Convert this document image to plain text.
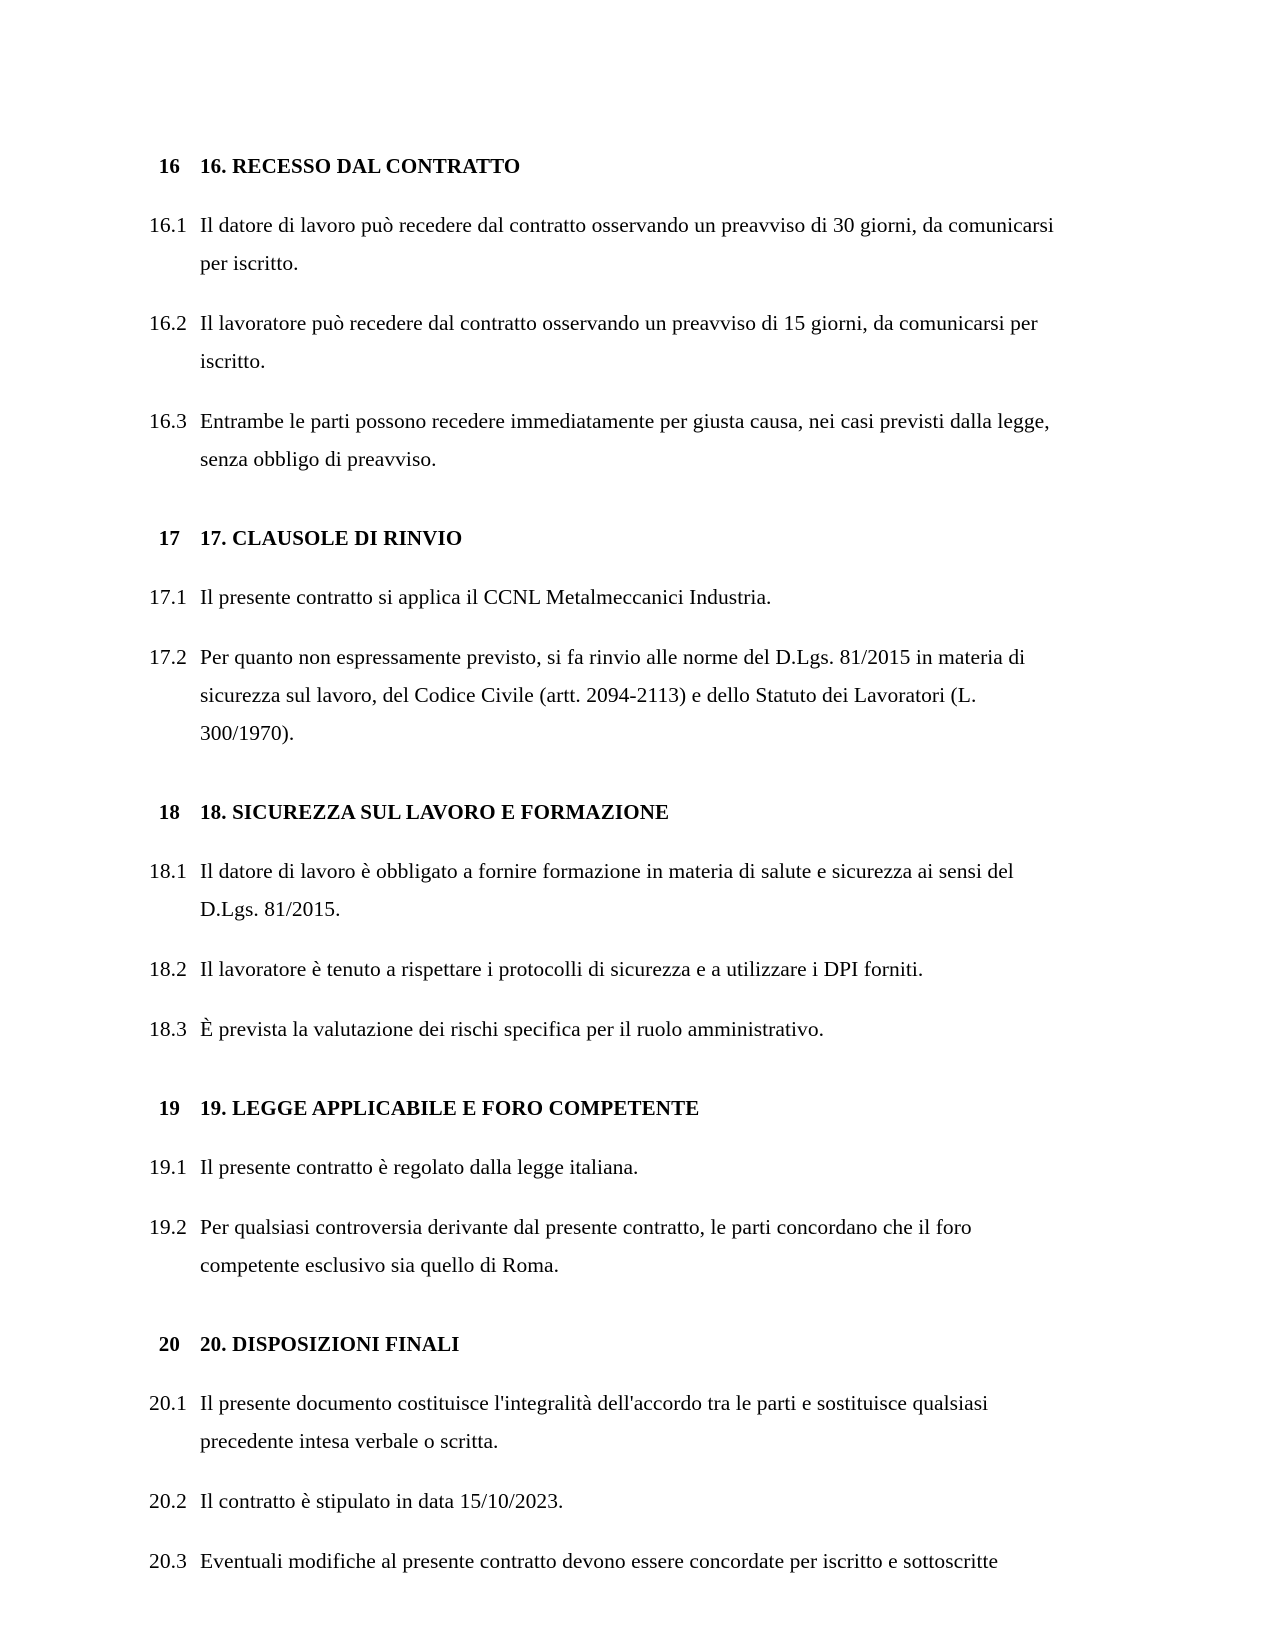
16 16. RECESSO DAL CONTRATTO
16.1 Il datore di lavoro può recedere dal contratto osservando un preavviso di 30 giorni, da comunicarsi per iscritto.
16.2 Il lavoratore può recedere dal contratto osservando un preavviso di 15 giorni, da comunicarsi per iscritto.
16.3 Entrambe le parti possono recedere immediatamente per giusta causa, nei casi previsti dalla legge, senza obbligo di preavviso.
17 17. CLAUSOLE DI RINVIO
17.1 Il presente contratto si applica il CCNL Metalmeccanici Industria.
17.2 Per quanto non espressamente previsto, si fa rinvio alle norme del D.Lgs. 81/2015 in materia di sicurezza sul lavoro, del Codice Civile (artt. 2094-2113) e dello Statuto dei Lavoratori (L. 300/1970).
18 18. SICUREZZA SUL LAVORO E FORMAZIONE
18.1 Il datore di lavoro è obbligato a fornire formazione in materia di salute e sicurezza ai sensi del D.Lgs. 81/2015.
18.2 Il lavoratore è tenuto a rispettare i protocolli di sicurezza e a utilizzare i DPI forniti.
18.3 È prevista la valutazione dei rischi specifica per il ruolo amministrativo.
19 19. LEGGE APPLICABILE E FORO COMPETENTE
19.1 Il presente contratto è regolato dalla legge italiana.
19.2 Per qualsiasi controversia derivante dal presente contratto, le parti concordano che il foro competente esclusivo sia quello di Roma.
20 20. DISPOSIZIONI FINALI
20.1 Il presente documento costituisce l'integralità dell'accordo tra le parti e sostituisce qualsiasi precedente intesa verbale o scritta.
20.2 Il contratto è stipulato in data 15/10/2023.
20.3 Eventuali modifiche al presente contratto devono essere concordate per iscritto e sottoscritte
